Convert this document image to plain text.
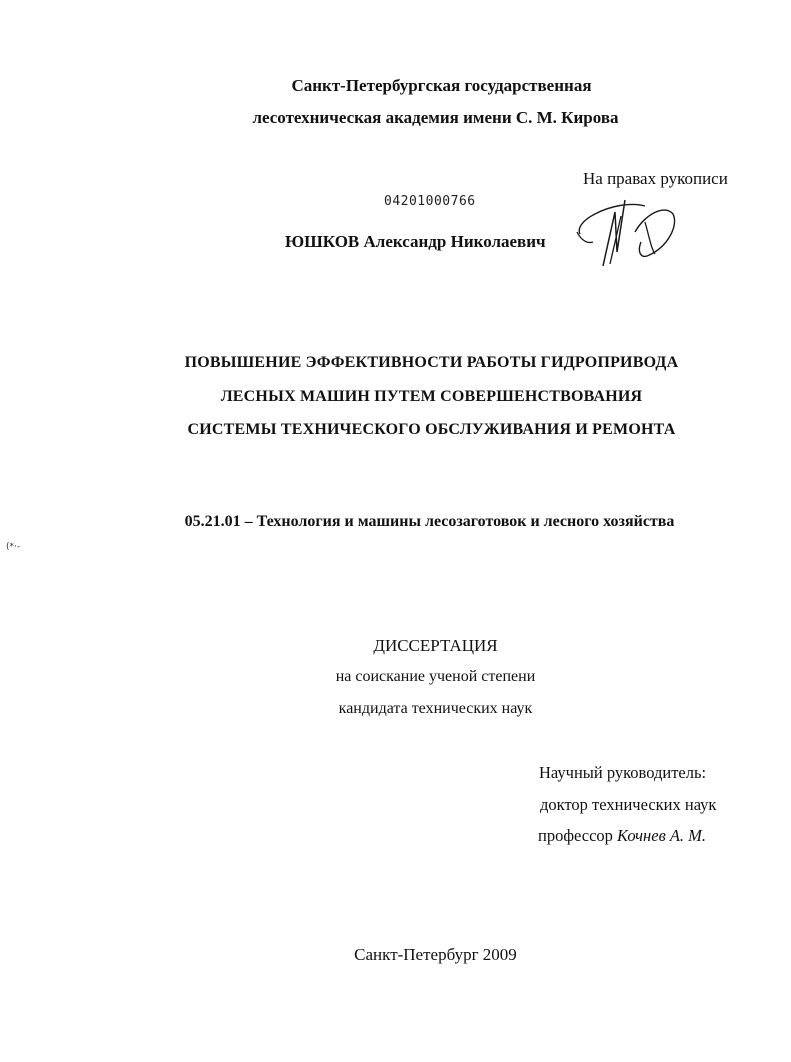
Санкт-Петербургская государственная

лесотехническая академия имени С. М. Кирова

На правах рукописи

04201000766

ЮШКОВ Александр Николаевич

ПОВЫШЕНИЕ ЭФФЕКТИВНОСТИ РАБОТЫ ГИДРОПРИВОДА

ЛЕСНЫХ МАШИН ПУТЕМ СОВЕРШЕНСТВОВАНИЯ

СИСТЕМЫ ТЕХНИЧЕСКОГО ОБСЛУЖИВАНИЯ И РЕМОНТА

05.21.01 – Технология и машины лесозаготовок и лесного хозяйства

(*·-

ДИССЕРТАЦИЯ

на соискание ученой степени

кандидата технических наук

Научный руководитель:

доктор технических наук

профессор Кочнев А. М.

Санкт-Петербург 2009
